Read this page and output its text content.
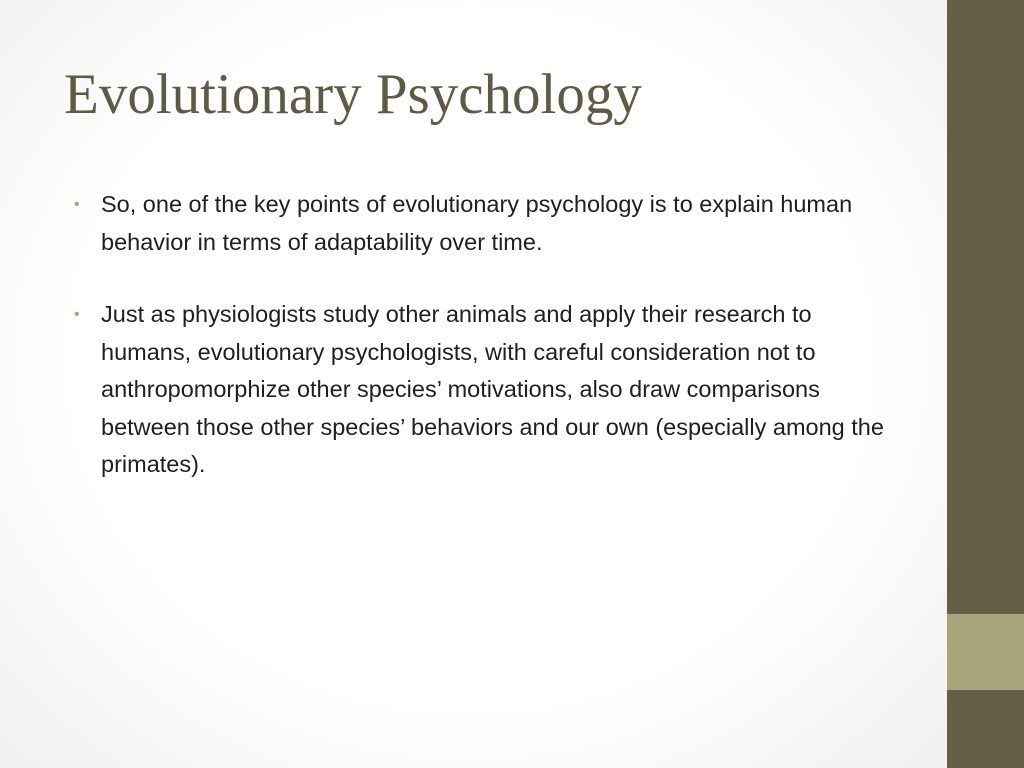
Evolutionary Psychology
• So, one of the key points of evolutionary psychology is to explain human behavior in terms of adaptability over time.
• Just as physiologists study other animals and apply their research to humans, evolutionary psychologists, with careful consideration not to anthropomorphize other species’ motivations, also draw comparisons between those other species’ behaviors and our own (especially among the primates).
